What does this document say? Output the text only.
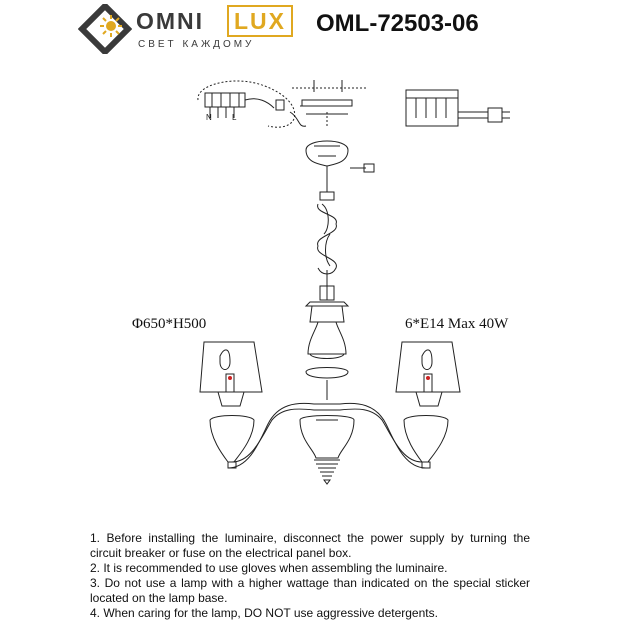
OMNI	LUX
СВЕТ КАЖДОМУ
OML-72503-06
N	L
Φ650*H500	6*E14 Max 40W
1. Before installing the luminaire, disconnect the power supply by turning the
circuit breaker or fuse on the electrical panel box.
2. It is recommended to use gloves when assembling the luminaire.
3. Do not use a lamp with a higher wattage than indicated on the special sticker
located on the lamp base.
4. When caring for the lamp, DO NOT use aggressive detergents.
